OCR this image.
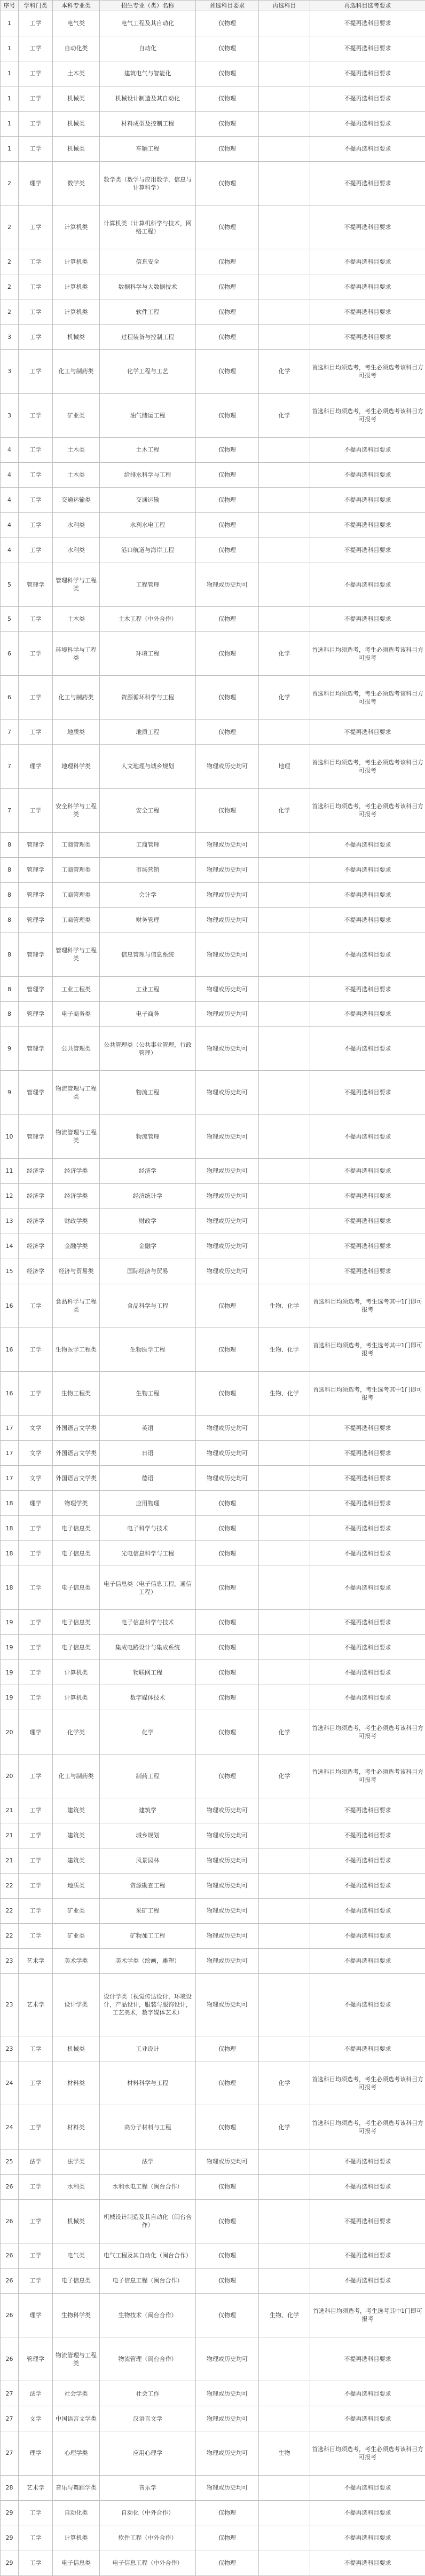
序号	学科门类	本科专业类	招生专业（类）名称	首选科目要求	再选科目	再选科目选考要求
1	工学	电气类	电气工程及其自动化	仅物理		不提再选科目要求
1	工学	自动化类	自动化	仅物理		不提再选科目要求
1	工学	土木类	建筑电气与智能化	仅物理		不提再选科目要求
1	工学	机械类	机械设计制造及其自动化	仅物理		不提再选科目要求
1	工学	机械类	材料成型及控制工程	仅物理		不提再选科目要求
1	工学	机械类	车辆工程	仅物理		不提再选科目要求
2	理学	数学类	数学类（数学与应用数学，信息与计算科学）	仅物理		不提再选科目要求
2	工学	计算机类	计算机类（计算机科学与技术，网络工程）	仅物理		不提再选科目要求
2	工学	计算机类	信息安全	仅物理		不提再选科目要求
2	工学	计算机类	数据科学与大数据技术	仅物理		不提再选科目要求
2	工学	计算机类	软件工程	仅物理		不提再选科目要求
3	工学	机械类	过程装备与控制工程	仅物理		不提再选科目要求
3	工学	化工与制药类	化学工程与工艺	仅物理	化学	首选科目均须选考，考生必须选考该科目方可报考
3	工学	矿业类	油气储运工程	仅物理	化学	首选科目均须选考，考生必须选考该科目方可报考
4	工学	土木类	土木工程	仅物理		不提再选科目要求
4	工学	土木类	给排水科学与工程	仅物理		不提再选科目要求
4	工学	交通运输类	交通运输	仅物理		不提再选科目要求
4	工学	水利类	水利水电工程	仅物理		不提再选科目要求
4	工学	水利类	港口航道与海岸工程	仅物理		不提再选科目要求
5	管理学	管理科学与工程类	工程管理	物理或历史均可		不提再选科目要求
5	工学	土木类	土木工程（中外合作）	仅物理		不提再选科目要求
6	工学	环境科学与工程类	环境工程	仅物理	化学	首选科目均须选考，考生必须选考该科目方可报考
6	工学	化工与制药类	资源循环科学与工程	仅物理	化学	首选科目均须选考，考生必须选考该科目方可报考
7	工学	地质类	地质工程	仅物理		不提再选科目要求
7	理学	地理科学类	人文地理与城乡规划	物理或历史均可	地理	首选科目均须选考，考生必须选考该科目方可报考
7	工学	安全科学与工程类	安全工程	仅物理	化学	首选科目均须选考，考生必须选考该科目方可报考
8	管理学	工商管理类	工商管理	物理或历史均可		不提再选科目要求
8	管理学	工商管理类	市场营销	物理或历史均可		不提再选科目要求
8	管理学	工商管理类	会计学	物理或历史均可		不提再选科目要求
8	管理学	工商管理类	财务管理	物理或历史均可		不提再选科目要求
8	管理学	管理科学与工程类	信息管理与信息系统	物理或历史均可		不提再选科目要求
8	管理学	工业工程类	工业工程	物理或历史均可		不提再选科目要求
8	管理学	电子商务类	电子商务	物理或历史均可		不提再选科目要求
9	管理学	公共管理类	公共管理类（公共事业管理，行政管理）	物理或历史均可		不提再选科目要求
9	管理学	物流管理与工程类	物流工程	物理或历史均可		不提再选科目要求
10	管理学	物流管理与工程类	物流管理	物理或历史均可		不提再选科目要求
11	经济学	经济学类	经济学	物理或历史均可		不提再选科目要求
12	经济学	经济学类	经济统计学	物理或历史均可		不提再选科目要求
13	经济学	财政学类	财政学	物理或历史均可		不提再选科目要求
14	经济学	金融学类	金融学	物理或历史均可		不提再选科目要求
15	经济学	经济与贸易类	国际经济与贸易	物理或历史均可		不提再选科目要求
16	工学	食品科学与工程类	食品科学与工程	仅物理	生物、化学	首选科目均须选考，考生选考其中1门即可报考
16	工学	生物医学工程类	生物医学工程	仅物理	生物、化学	首选科目均须选考，考生选考其中1门即可报考
16	工学	生物工程类	生物工程	仅物理	生物、化学	首选科目均须选考，考生选考其中1门即可报考
17	文学	外国语言文学类	英语	物理或历史均可		不提再选科目要求
17	文学	外国语言文学类	日语	物理或历史均可		不提再选科目要求
17	文学	外国语言文学类	德语	物理或历史均可		不提再选科目要求
18	理学	物理学类	应用物理	仅物理		不提再选科目要求
18	工学	电子信息类	电子科学与技术	仅物理		不提再选科目要求
18	工学	电子信息类	光电信息科学与工程	仅物理		不提再选科目要求
18	工学	电子信息类	电子信息类（电子信息工程，通信工程）	仅物理		不提再选科目要求
19	工学	电子信息类	电子信息科学与技术	仅物理		不提再选科目要求
19	工学	电子信息类	集成电路设计与集成系统	仅物理		不提再选科目要求
19	工学	计算机类	物联网工程	仅物理		不提再选科目要求
19	工学	计算机类	数字媒体技术	仅物理		不提再选科目要求
20	理学	化学类	化学	仅物理	化学	首选科目均须选考，考生必须选考该科目方可报考
20	工学	化工与制药类	制药工程	仅物理	化学	首选科目均须选考，考生必须选考该科目方可报考
21	工学	建筑类	建筑学	物理或历史均可		不提再选科目要求
21	工学	建筑类	城乡规划	物理或历史均可		不提再选科目要求
21	工学	建筑类	风景园林	物理或历史均可		不提再选科目要求
22	工学	地质类	资源勘查工程	物理或历史均可		不提再选科目要求
22	工学	矿业类	采矿工程	物理或历史均可		不提再选科目要求
22	工学	矿业类	矿物加工工程	物理或历史均可		不提再选科目要求
23	艺术学	美术学类	美术学类（绘画，雕塑）	物理或历史均可		不提再选科目要求
23	艺术学	设计学类	设计学类（视觉传达设计，环境设计，产品设计，服装与服饰设计，工艺美术，数字媒体艺术）	物理或历史均可		不提再选科目要求
23	工学	机械类	工业设计	仅物理		不提再选科目要求
24	工学	材料类	材料科学与工程	仅物理	化学	首选科目均须选考，考生必须选考该科目方可报考
24	工学	材料类	高分子材料与工程	仅物理	化学	首选科目均须选考，考生必须选考该科目方可报考
25	法学	法学类	法学	物理或历史均可		不提再选科目要求
26	工学	水利类	水利水电工程（闽台合作）	仅物理		不提再选科目要求
26	工学	机械类	机械设计制造及其自动化（闽台合作）	仅物理		不提再选科目要求
26	工学	电气类	电气工程及其自动化（闽台合作）	仅物理		不提再选科目要求
26	工学	电子信息类	电子信息工程（闽台合作）	仅物理		不提再选科目要求
26	理学	生物科学类	生物技术（闽台合作）	仅物理	生物、化学	首选科目均须选考，考生选考其中1门即可报考
26	管理学	物流管理与工程类	物流管理（闽台合作）	物理或历史均可		不提再选科目要求
27	法学	社会学类	社会工作	物理或历史均可		不提再选科目要求
27	文学	中国语言文学类	汉语言文学	物理或历史均可		不提再选科目要求
27	理学	心理学类	应用心理学	物理或历史均可	生物	首选科目均须选考，考生必须选考该科目方可报考
28	艺术学	音乐与舞蹈学类	音乐学	物理或历史均可		不提再选科目要求
29	工学	自动化类	自动化（中外合作）	仅物理		不提再选科目要求
29	工学	计算机类	软件工程（中外合作）	仅物理		不提再选科目要求
29	工学	电子信息类	电子信息工程（中外合作）	仅物理		不提再选科目要求
